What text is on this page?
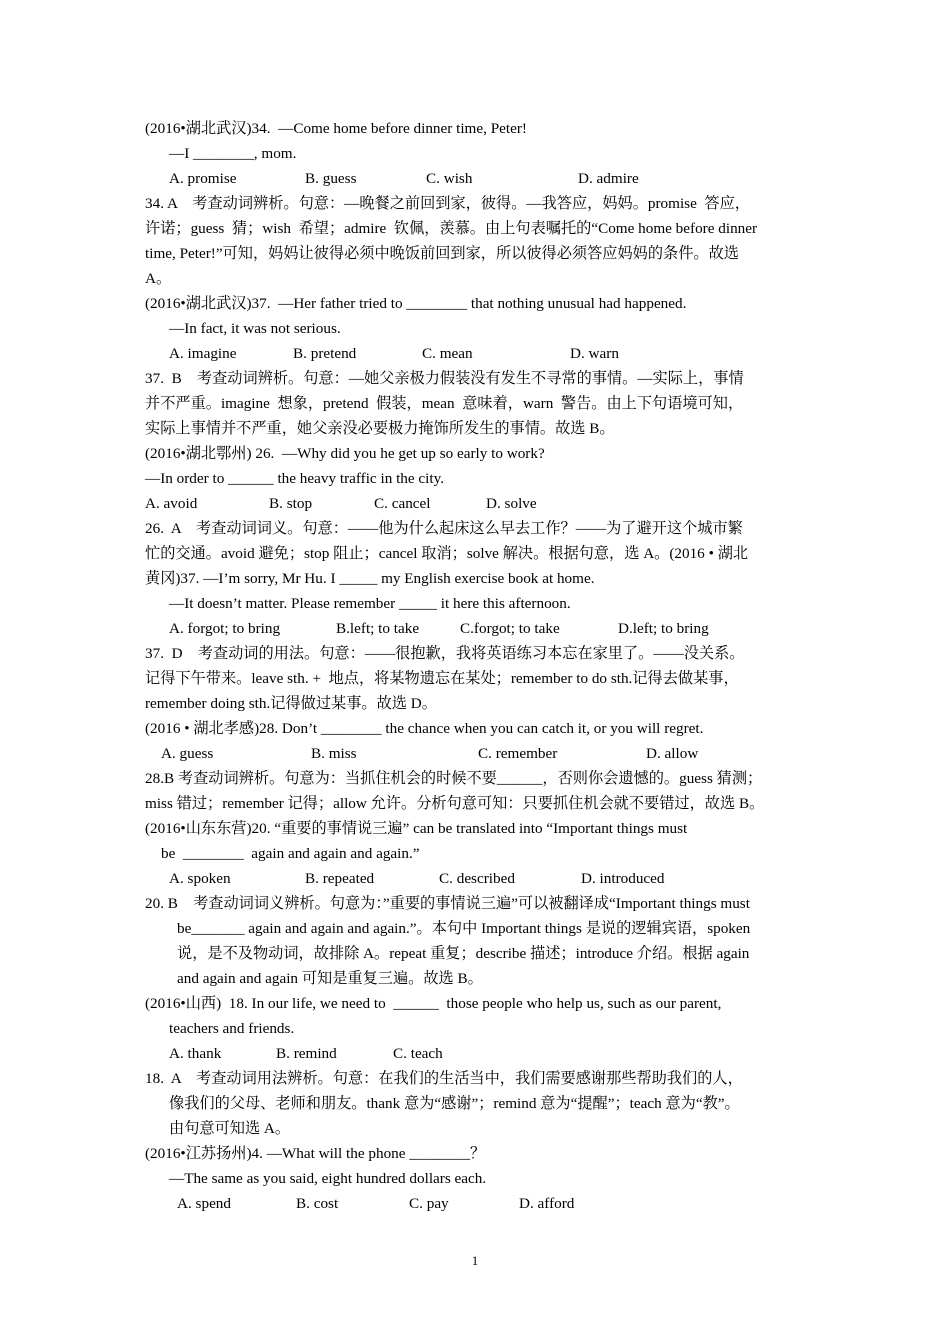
(2016•湖北武汉)34.  —Come home before dinner time, Peter!
—I ________, mom.
A. promise	B. guess	C. wish	D. admire
34. A    考查动词辨析。句意：—晚餐之前回到家，彼得。—我答应，妈妈。promise  答应，
许诺；guess  猜；wish  希望；admire  钦佩，羡慕。由上句表嘱托的“Come home before dinner
time, Peter!”可知，妈妈让彼得必须中晚饭前回到家，所以彼得必须答应妈妈的条件。故选
A。
(2016•湖北武汉)37.  —Her father tried to ________ that nothing unusual had happened.
—In fact, it was not serious.
A. imagine	B. pretend	C. mean	D. warn
37.  B    考查动词辨析。句意：—她父亲极力假装没有发生不寻常的事情。—实际上，事情
并不严重。imagine  想象，pretend  假装，mean  意味着，warn  警告。由上下句语境可知，
实际上事情并不严重，她父亲没必要极力掩饰所发生的事情。故选 B。
(2016•湖北鄂州) 26.  —Why did you he get up so early to work?
—In order to ______ the heavy traffic in the city.
A. avoid	B. stop	C. cancel	D. solve
26.  A    考查动词词义。句意：——他为什么起床这么早去工作？——为了避开这个城市繁
忙的交通。avoid 避免；stop 阻止；cancel 取消；solve 解决。根据句意，选 A。(2016 • 湖北
黄冈)37. —I’m sorry, Mr Hu. I _____ my English exercise book at home.
—It doesn’t matter. Please remember _____ it here this afternoon.
A. forgot; to bring	B.left; to take	C.forgot; to take	D.left; to bring
37.  D    考查动词的用法。句意：——很抱歉，我将英语练习本忘在家里了。——没关系。
记得下午带来。leave sth. +  地点，将某物遗忘在某处；remember to do sth.记得去做某事，
remember doing sth.记得做过某事。故选 D。
(2016 • 湖北孝感)28. Don’t ________ the chance when you can catch it, or you will regret.
A. guess	B. miss	C. remember	D. allow
28.B 考查动词辨析。句意为：当抓住机会的时候不要______，否则你会遗憾的。guess 猜测；
miss 错过；remember 记得；allow 允许。分析句意可知：只要抓住机会就不要错过，故选 B。
(2016•山东东营)20. “重要的事情说三遍” can be translated into “Important things must
be  ________  again and again and again.”
A. spoken	B. repeated	C. described	D. introduced
20. B    考查动词词义辨析。句意为：”重要的事情说三遍”可以被翻译成“Important things must
be_______ again and again and again.”。本句中 Important things 是说的逻辑宾语，spoken
说，是不及物动词，故排除 A。repeat 重复；describe 描述；introduce 介绍。根据 again
and again and again 可知是重复三遍。故选 B。
(2016•山西)  18. In our life, we need to  ______  those people who help us, such as our parent,
teachers and friends.
A. thank	B. remind	C. teach
18.  A    考查动词用法辨析。句意：在我们的生活当中，我们需要感谢那些帮助我们的人，
像我们的父母、老师和朋友。thank 意为“感谢”；remind 意为“提醒”；teach 意为“教”。
由句意可知选 A。
(2016•江苏扬州)4. —What will the phone ________？
—The same as you said, eight hundred dollars each.
A. spend	B. cost	C. pay	D. afford
1
